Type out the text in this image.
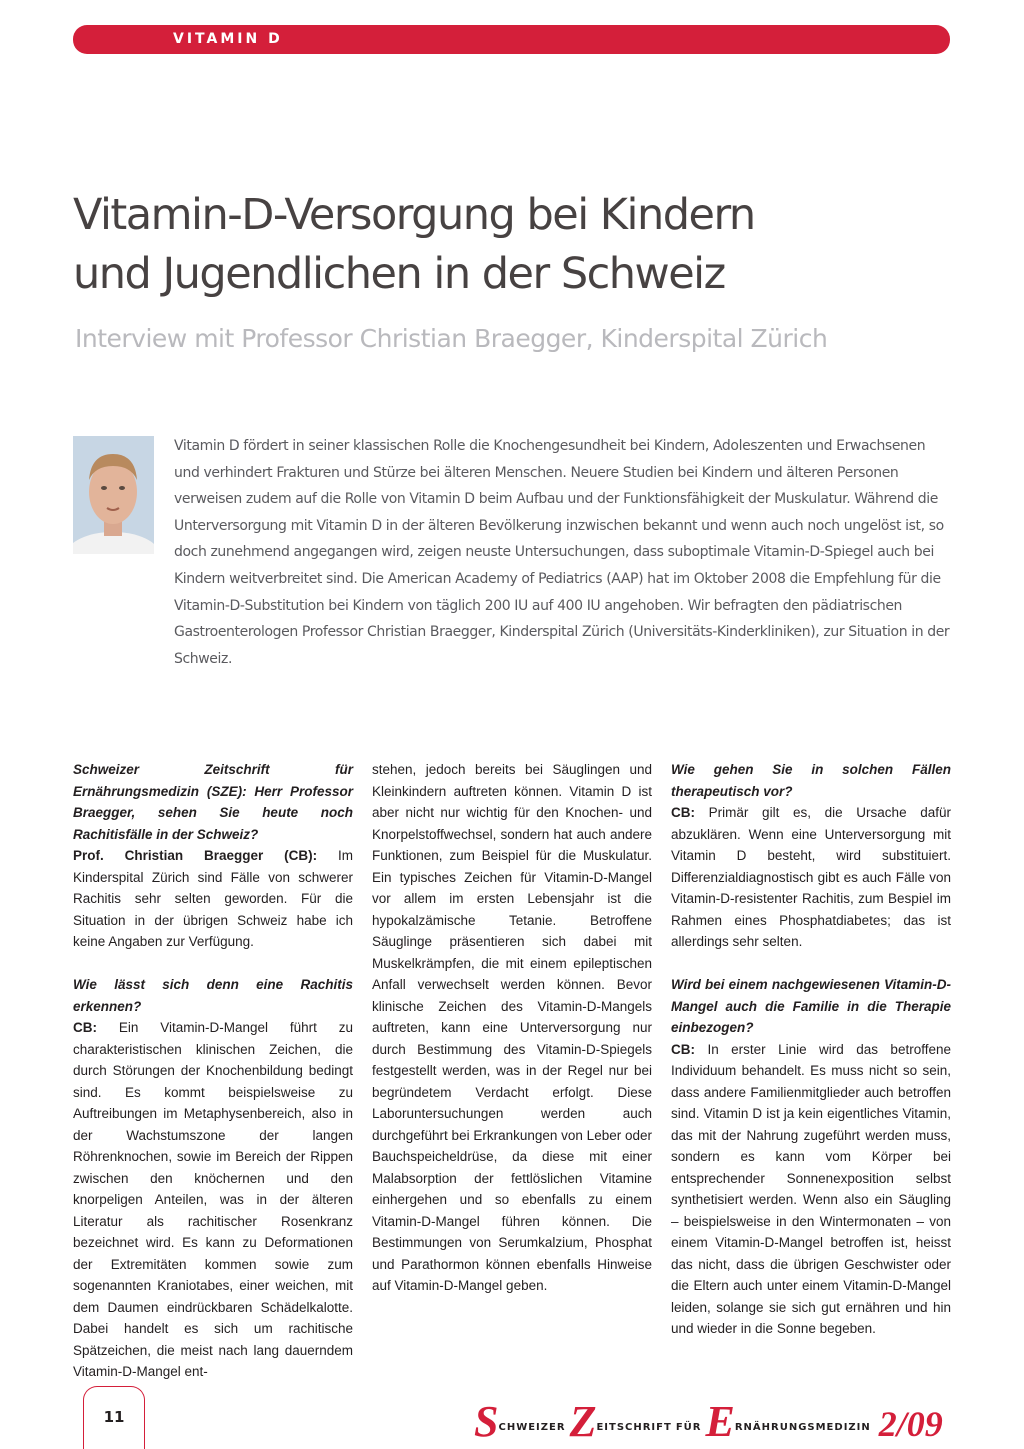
VITAMIN D
Vitamin-D-Versorgung bei Kindern
und Jugendlichen in der Schweiz

Interview mit Professor Christian Braegger, Kinderspital Zürich

Vitamin D fördert in seiner klassischen Rolle die Knochengesundheit bei Kindern, Adoleszenten und Erwachsenen und verhindert Frakturen und Stürze bei älteren Menschen. Neuere Studien bei Kindern und älteren Personen verweisen zudem auf die Rolle von Vitamin D beim Aufbau und der Funktionsfähigkeit der Muskulatur. Während die Unterversorgung mit Vitamin D in der älteren Bevölkerung inzwischen bekannt und wenn auch noch ungelöst ist, so doch zunehmend angegangen wird, zeigen neuste Untersuchungen, dass suboptimale Vitamin-D-Spiegel auch bei Kindern weitverbreitet sind. Die American Academy of Pediatrics (AAP) hat im Oktober 2008 die Empfehlung für die Vitamin-D-Substitution bei Kindern von täglich 200 IU auf 400 IU angehoben. Wir befragten den pädiatrischen Gastroenterologen Professor Christian Braegger, Kinderspital Zürich (Universitäts-Kinderkliniken), zur Situation in der Schweiz.

Schweizer Zeitschrift für Ernährungsmedizin (SZE): Herr Professor Braegger, sehen Sie heute noch Rachitisfälle in der Schweiz?
Prof. Christian Braegger (CB): Im Kinderspital Zürich sind Fälle von schwerer Rachitis sehr selten geworden. Für die Situation in der übrigen Schweiz habe ich keine Angaben zur Verfügung.

Wie lässt sich denn eine Rachitis erkennen?
CB: Ein Vitamin-D-Mangel führt zu charakteristischen klinischen Zeichen, die durch Störungen der Knochenbildung bedingt sind. Es kommt beispielsweise zu Auftreibungen im Metaphysenbereich, also in der Wachstumszone der langen Röhrenknochen, sowie im Bereich der Rippen zwischen den knöchernen und den knorpeligen Anteilen, was in der älteren Literatur als rachitischer Rosenkranz bezeichnet wird. Es kann zu Deformationen der Extremitäten kommen sowie zum sogenannten Kraniotabes, einer weichen, mit dem Daumen eindrückbaren Schädelkalotte. Dabei handelt es sich um rachitische Spätzeichen, die meist nach lang dauerndem Vitamin-D-Mangel ent-

stehen, jedoch bereits bei Säuglingen und Kleinkindern auftreten können. Vitamin D ist aber nicht nur wichtig für den Knochen- und Knorpelstoffwechsel, sondern hat auch andere Funktionen, zum Beispiel für die Muskulatur. Ein typisches Zeichen für Vitamin-D-Mangel vor allem im ersten Lebensjahr ist die hypokalzämische Tetanie. Betroffene Säuglinge präsentieren sich dabei mit Muskelkrämpfen, die mit einem epileptischen Anfall verwechselt werden können. Bevor klinische Zeichen des Vitamin-D-Mangels auftreten, kann eine Unterversorgung nur durch Bestimmung des Vitamin-D-Spiegels festgestellt werden, was in der Regel nur bei begründetem Verdacht erfolgt. Diese Laboruntersuchungen werden auch durchgeführt bei Erkrankungen von Leber oder Bauchspeicheldrüse, da diese mit einer Malabsorption der fettlöslichen Vitamine einhergehen und so ebenfalls zu einem Vitamin-D-Mangel führen können. Die Bestimmungen von Serumkalzium, Phosphat und Parathormon können ebenfalls Hinweise auf Vitamin-D-Mangel geben.

Wie gehen Sie in solchen Fällen therapeutisch vor?
CB: Primär gilt es, die Ursache dafür abzuklären. Wenn eine Unterversorgung mit Vitamin D besteht, wird substituiert. Differenzialdiagnostisch gibt es auch Fälle von Vitamin-D-resistenter Rachitis, zum Bespiel im Rahmen eines Phosphatdiabetes; das ist allerdings sehr selten.

Wird bei einem nachgewiesenen Vitamin-D-Mangel auch die Familie in die Therapie einbezogen?
CB: In erster Linie wird das betroffene Individuum behandelt. Es muss nicht so sein, dass andere Familienmitglieder auch betroffen sind. Vitamin D ist ja kein eigentliches Vitamin, das mit der Nahrung zugeführt werden muss, sondern es kann vom Körper bei entsprechender Sonnenexposition selbst synthetisiert werden. Wenn also ein Säugling – beispielsweise in den Wintermonaten – von einem Vitamin-D-Mangel betroffen ist, heisst das nicht, dass die übrigen Geschwister oder die Eltern auch unter einem Vitamin-D-Mangel leiden, solange sie sich gut ernähren und hin und wieder in die Sonne begeben.

11	$S^{CHWEIZER}$ $Z^{EITSCHRIFT}$ $^{FÜR}$ $E^{RNÄHRUNGSMEDIZIN}$ 2/09
